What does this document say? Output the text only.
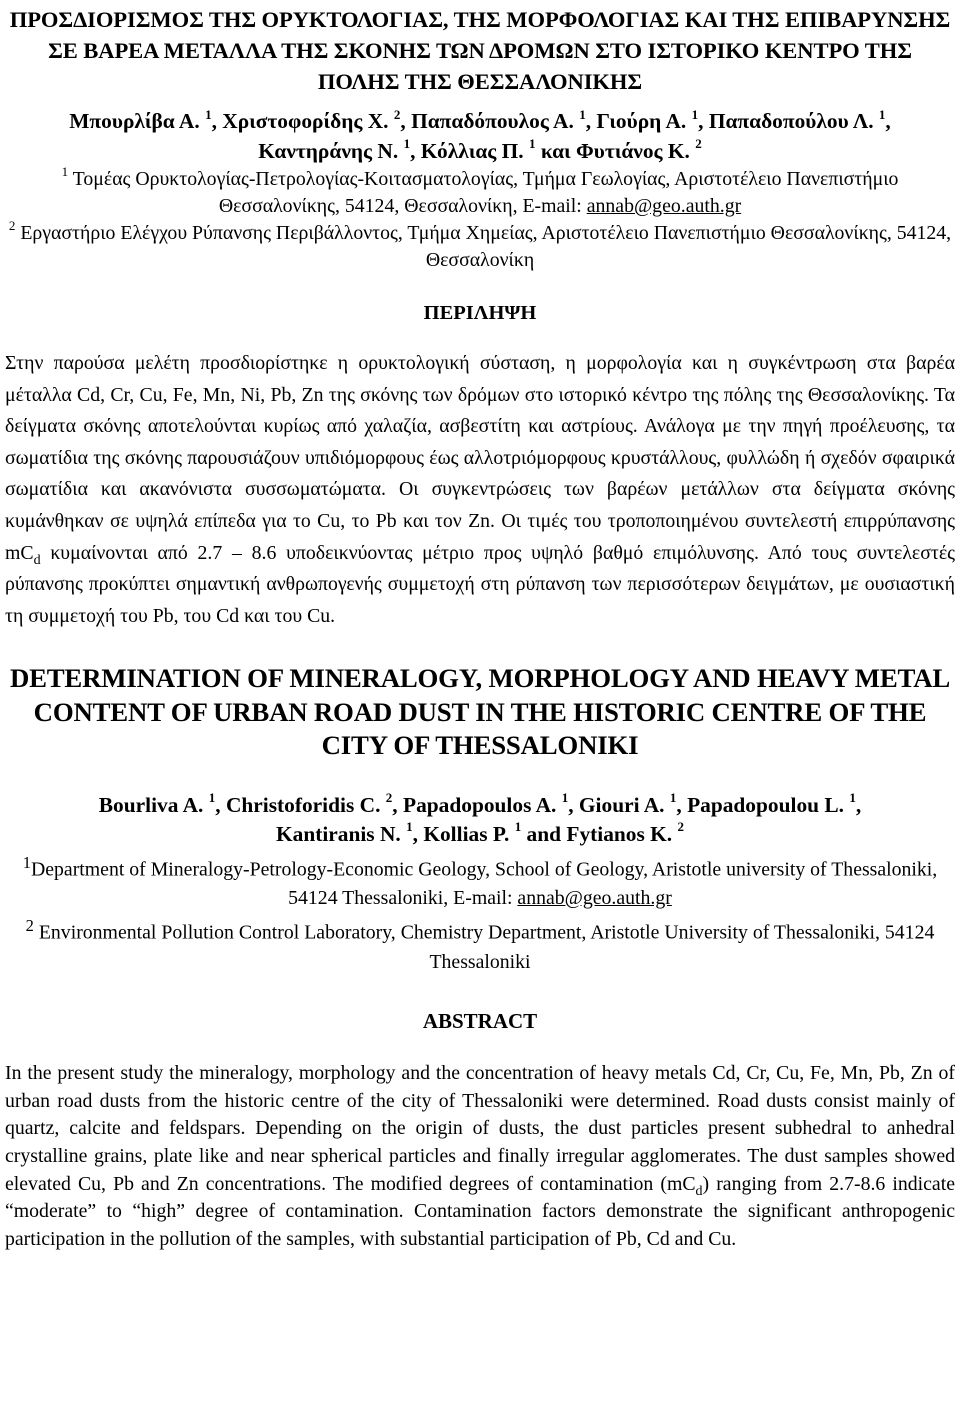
ΠΡΟΣΔΙΟΡΙΣΜΟΣ ΤΗΣ ΟΡΥΚΤΟΛΟΓΙΑΣ, ΤΗΣ ΜΟΡΦΟΛΟΓΙΑΣ ΚΑΙ ΤΗΣ ΕΠΙΒΑΡΥΝΣΗΣ ΣΕ ΒΑΡΕΑ ΜΕΤΑΛΛΑ ΤΗΣ ΣΚΟΝΗΣ ΤΩΝ ΔΡΟΜΩΝ ΣΤΟ ΙΣΤΟΡΙΚΟ ΚΕΝΤΡΟ ΤΗΣ ΠΟΛΗΣ ΤΗΣ ΘΕΣΣΑΛΟΝΙΚΗΣ
Μπουρλίβα Α. $^1$, Χριστοφορίδης Χ. $^2$, Παπαδόπουλος Α. $^1$, Γιούρη Α. $^1$, Παπαδοπούλου Λ. $^1$,
Καντηράνης Ν. $^1$, Κόλλιας Π. $^1$ και Φυτιάνος Κ. $^2$
$^1$ Τομέας Ορυκτολογίας-Πετρολογίας-Κοιτασματολογίας, Τμήμα Γεωλογίας, Αριστοτέλειο Πανεπιστήμιο Θεσσαλονίκης, 54124, Θεσσαλονίκη, E-mail: annab@geo.auth.gr
$^2$ Εργαστήριο Ελέγχου Ρύπανσης Περιβάλλοντος, Τμήμα Χημείας, Αριστοτέλειο Πανεπιστήμιο Θεσσαλονίκης, 54124, Θεσσαλονίκη
ΠΕΡΙΛΗΨΗ
Στην παρούσα μελέτη προσδιορίστηκε η ορυκτολογική σύσταση, η μορφολογία και η συγκέντρωση στα βαρέα μέταλλα Cd, Cr, Cu, Fe, Mn, Ni, Pb, Zn της σκόνης των δρόμων στο ιστορικό κέντρο της πόλης της Θεσσαλονίκης. Τα δείγματα σκόνης αποτελούνται κυρίως από χαλαζία, ασβεστίτη και αστρίους. Ανάλογα με την πηγή προέλευσης, τα σωματίδια της σκόνης παρουσιάζουν υπιδιόμορφους έως αλλοτριόμορφους κρυστάλλους, φυλλώδη ή σχεδόν σφαιρικά σωματίδια και ακανόνιστα συσσωματώματα. Οι συγκεντρώσεις των βαρέων μετάλλων στα δείγματα σκόνης κυμάνθηκαν σε υψηλά επίπεδα για το Cu, το Pb και τον Zn. Οι τιμές του τροποποιημένου συντελεστή επιρρύπανσης $mC_d$ κυμαίνονται από 2.7 – 8.6 υποδεικνύοντας μέτριο προς υψηλό βαθμό επιμόλυνσης. Από τους συντελεστές ρύπανσης προκύπτει σημαντική ανθρωπογενής συμμετοχή στη ρύπανση των περισσότερων δειγμάτων, με ουσιαστική τη συμμετοχή του Pb, του Cd και του Cu.
DETERMINATION OF MINERALOGY, MORPHOLOGY AND HEAVY METAL CONTENT OF URBAN ROAD DUST IN THE HISTORIC CENTRE OF THE CITY OF THESSALONIKI
Bourliva A. $^1$, Christoforidis C. $^2$, Papadopoulos A. $^1$, Giouri A. $^1$, Papadopoulou L. $^1$,
Kantiranis N. $^1$, Kollias P. $^1$ and Fytianos K. $^2$
$^1$Department of Mineralogy-Petrology-Economic Geology, School of Geology, Aristotle university of Thessaloniki, 54124 Thessaloniki, E-mail: annab@geo.auth.gr
$^2$ Environmental Pollution Control Laboratory, Chemistry Department, Aristotle University of Thessaloniki, 54124 Thessaloniki
ABSTRACT
In the present study the mineralogy, morphology and the concentration of heavy metals Cd, Cr, Cu, Fe, Mn, Pb, Zn of urban road dusts from the historic centre of the city of Thessaloniki were determined. Road dusts consist mainly of quartz, calcite and feldspars. Depending on the origin of dusts, the dust particles present subhedral to anhedral crystalline grains, plate like and near spherical particles and finally irregular agglomerates. The dust samples showed elevated Cu, Pb and Zn concentrations. The modified degrees of contamination $(mC_d)$ ranging from 2.7-8.6 indicate “moderate” to “high” degree of contamination. Contamination factors demonstrate the significant anthropogenic participation in the pollution of the samples, with substantial participation of Pb, Cd and Cu.
